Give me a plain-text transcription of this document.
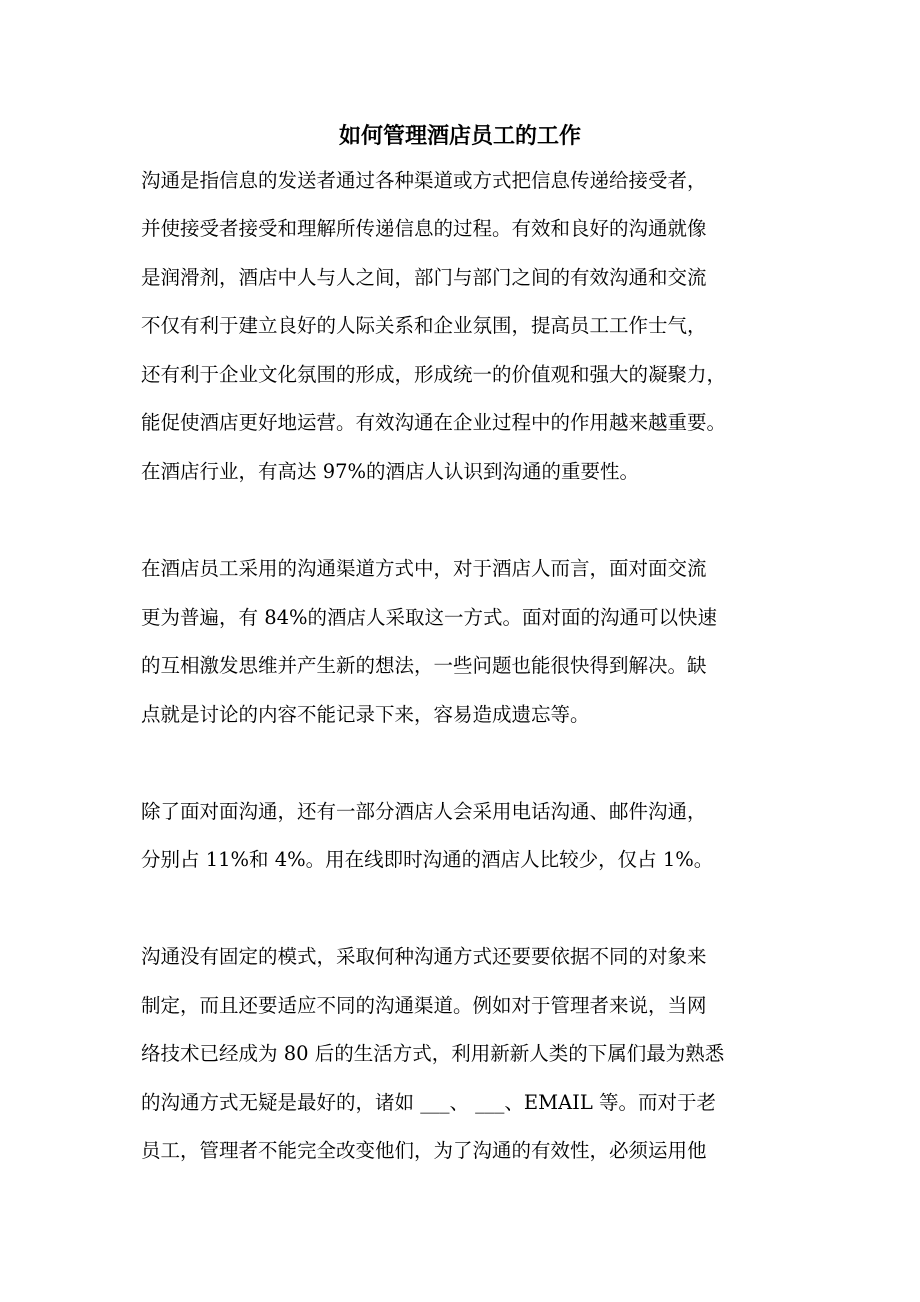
如何管理酒店员工的工作
沟通是指信息的发送者通过各种渠道或方式把信息传递给接受者，
并使接受者接受和理解所传递信息的过程。有效和良好的沟通就像
是润滑剂，酒店中人与人之间，部门与部门之间的有效沟通和交流
不仅有利于建立良好的人际关系和企业氛围，提高员工工作士气，
还有利于企业文化氛围的形成，形成统一的价值观和强大的凝聚力，
能促使酒店更好地运营。有效沟通在企业过程中的作用越来越重要。
在酒店行业，有高达 97%的酒店人认识到沟通的重要性。
在酒店员工采用的沟通渠道方式中，对于酒店人而言，面对面交流
更为普遍，有 84%的酒店人采取这一方式。面对面的沟通可以快速
的互相激发思维并产生新的想法，一些问题也能很快得到解决。缺
点就是讨论的内容不能记录下来，容易造成遗忘等。
除了面对面沟通，还有一部分酒店人会采用电话沟通、邮件沟通，
分别占 11%和 4%。用在线即时沟通的酒店人比较少，仅占 1%。
沟通没有固定的模式，采取何种沟通方式还要要依据不同的对象来
制定，而且还要适应不同的沟通渠道。例如对于管理者来说，当网
络技术已经成为 80 后的生活方式，利用新新人类的下属们最为熟悉
的沟通方式无疑是最好的，诸如 ___、 ___、EMAIL 等。而对于老
员工，管理者不能完全改变他们，为了沟通的有效性，必须运用他
